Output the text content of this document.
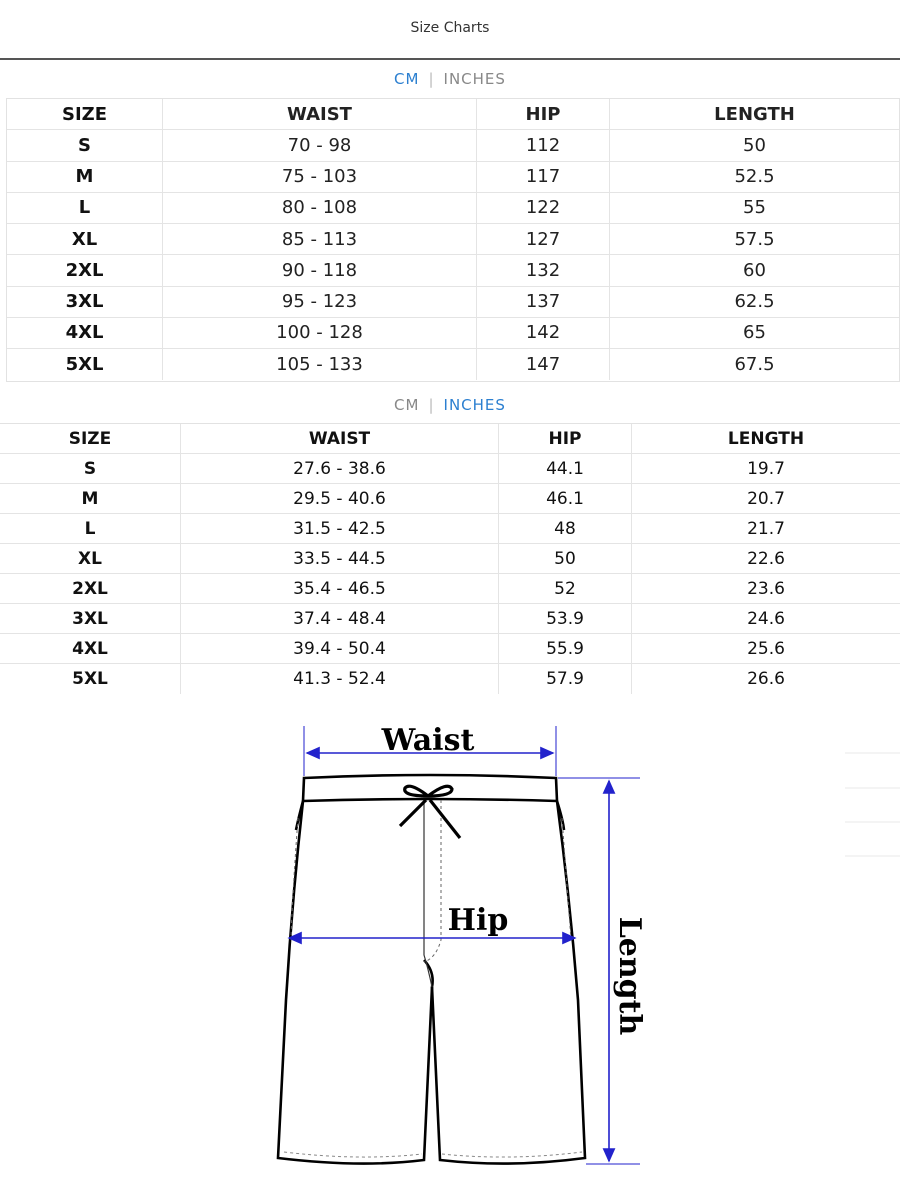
Size Charts
CM | INCHES
SIZE	WAIST	HIP	LENGTH
S	70 - 98	112	50
M	75 - 103	117	52.5
L	80 - 108	122	55
XL	85 - 113	127	57.5
2XL	90 - 118	132	60
3XL	95 - 123	137	62.5
4XL	100 - 128	142	65
5XL	105 - 133	147	67.5
CM | INCHES
SIZE	WAIST	HIP	LENGTH
S	27.6 - 38.6	44.1	19.7
M	29.5 - 40.6	46.1	20.7
L	31.5 - 42.5	48	21.7
XL	33.5 - 44.5	50	22.6
2XL	35.4 - 46.5	52	23.6
3XL	37.4 - 48.4	53.9	24.6
4XL	39.4 - 50.4	55.9	25.6
5XL	41.3 - 52.4	57.9	26.6
Waist
Hip	Length
